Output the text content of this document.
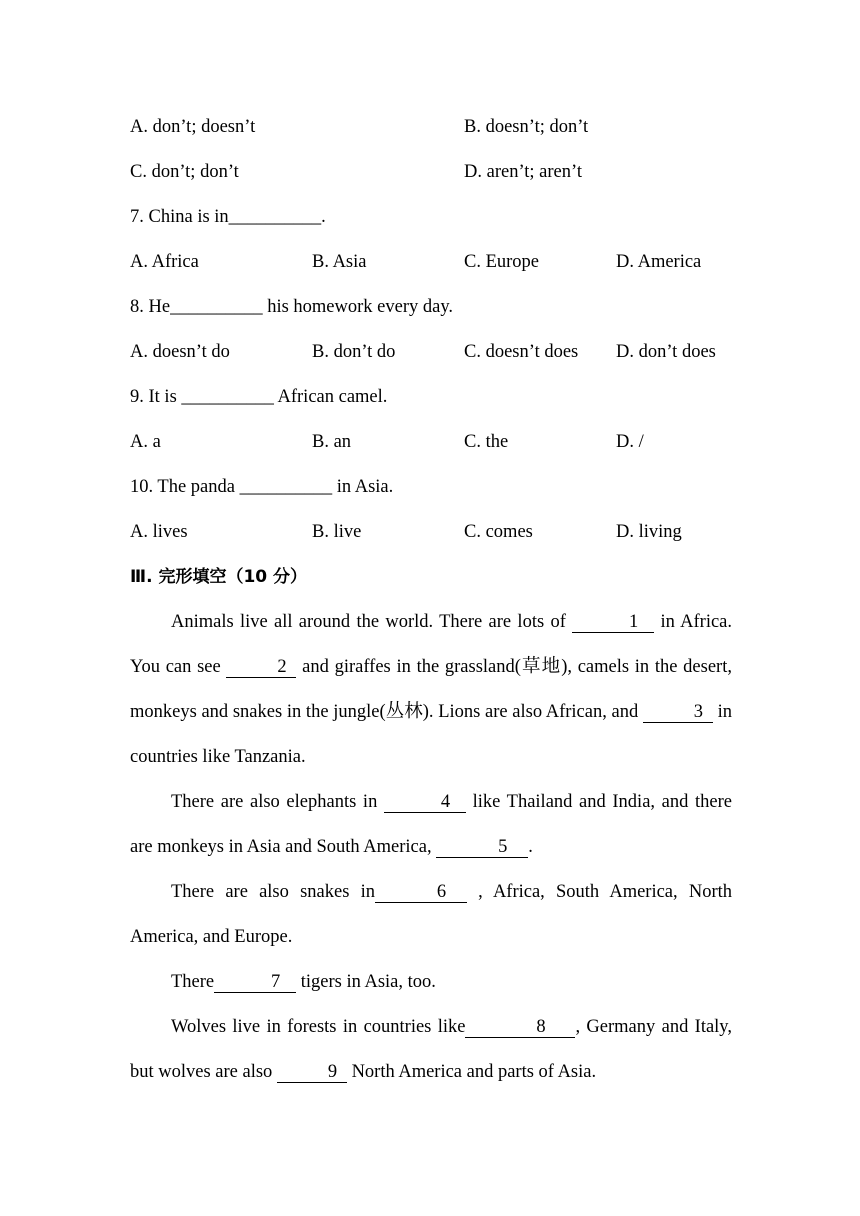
A. don’t; doesn’t	B. doesn’t; don’t
C. don’t; don’t	D. aren’t; aren’t
7. China is in__________.
A. Africa	B. Asia	C. Europe	D. America
8. He__________ his homework every day.
A. doesn’t do	B. don’t do	C. doesn’t does D. don’t does
9. It is __________ African camel.
A. a	B. an	C. the	D. /
10. The panda __________ in Asia.
A. lives	B. live	C. comes	D. living
Ⅲ. 完形填空（10 分）
Animals live all around the world. There are lots of	1 in Africa. You can see	2 and giraffes in the grassland(草地), camels in the desert, monkeys and snakes in the jungle(丛林). Lions are also African, and	3 in countries like Tanzania.
There are also elephants in	4 like Thailand and India, and there are monkeys in Asia and South America,	5 .
There are also snakes in	6 , Africa, South America, North America, and Europe.
There	7 tigers in Asia, too.
Wolves live in forests in countries like	8 , Germany and Italy, but wolves are also	9 North America and parts of Asia.
